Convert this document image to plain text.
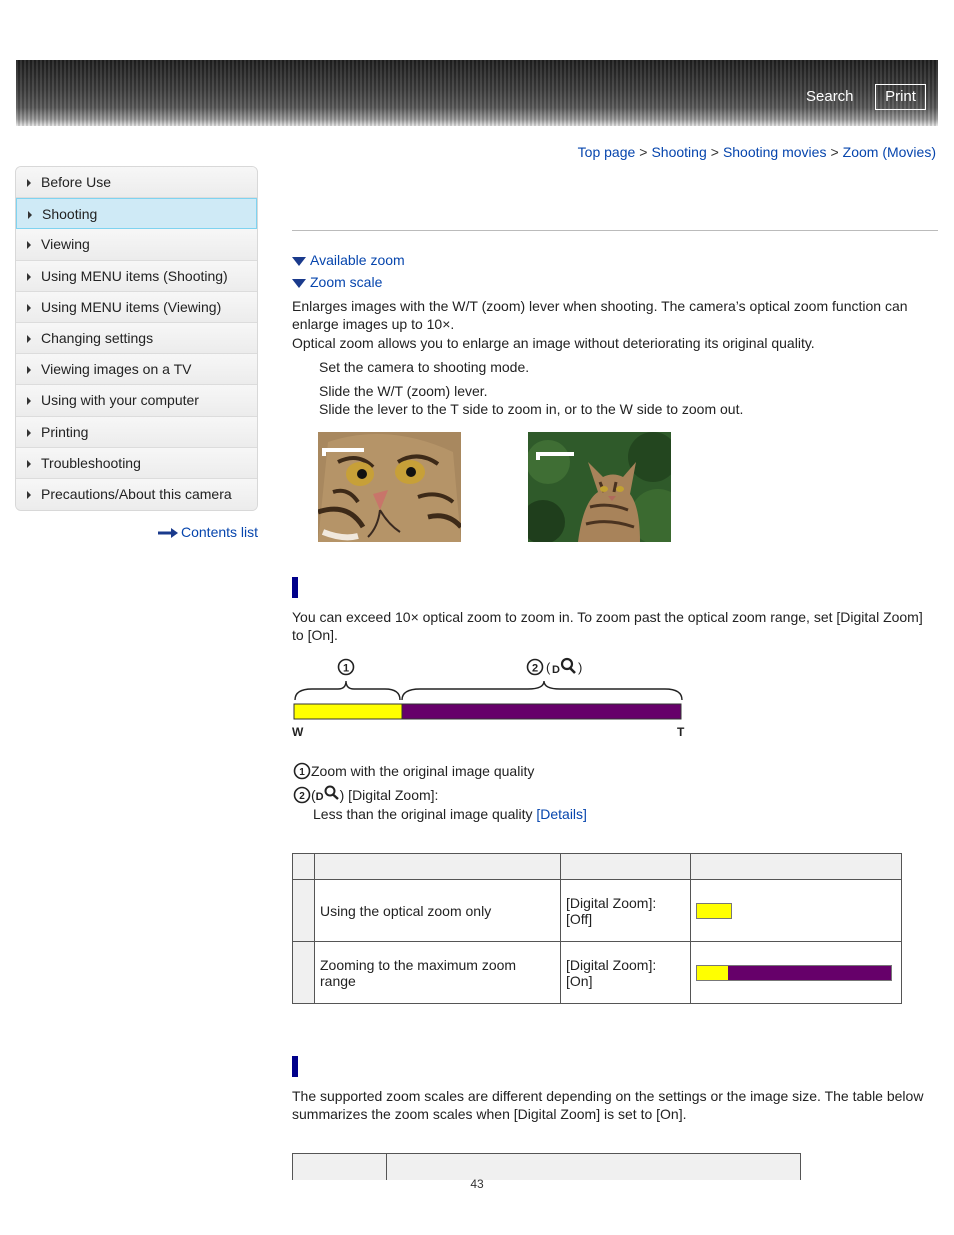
Search	Print
Top page > Shooting > Shooting movies > Zoom (Movies)
Before Use
Shooting
Viewing
Using MENU items (Shooting)
Using MENU items (Viewing)
Changing settings
Viewing images on a TV
Using with your computer
Printing
Troubleshooting
Precautions/About this camera
Contents list
Available zoom
Zoom scale
Enlarges images with the W/T (zoom) lever when shooting. The camera’s optical zoom function can
enlarge images up to 10×.
Optical zoom allows you to enlarge an image without deteriorating its original quality.
Set the camera to shooting mode.
Slide the W/T (zoom) lever.
Slide the lever to the T side to zoom in, or to the W side to zoom out.
You can exceed 10× optical zoom to zoom in. To zoom past the optical zoom range, set [Digital Zoom]
to [On].
1	2 ( D )
W	T
1 Zoom with the original image quality
2 (D ) [Digital Zoom]:
Less than the original image quality [Details]

	Using the optical zoom only	[Digital Zoom]: [Off]	
	Zooming to the maximum zoom range	[Digital Zoom]: [On]	
The supported zoom scales are different depending on the settings or the image size. The table below
summarizes the zoom scales when [Digital Zoom] is set to [On].

43
